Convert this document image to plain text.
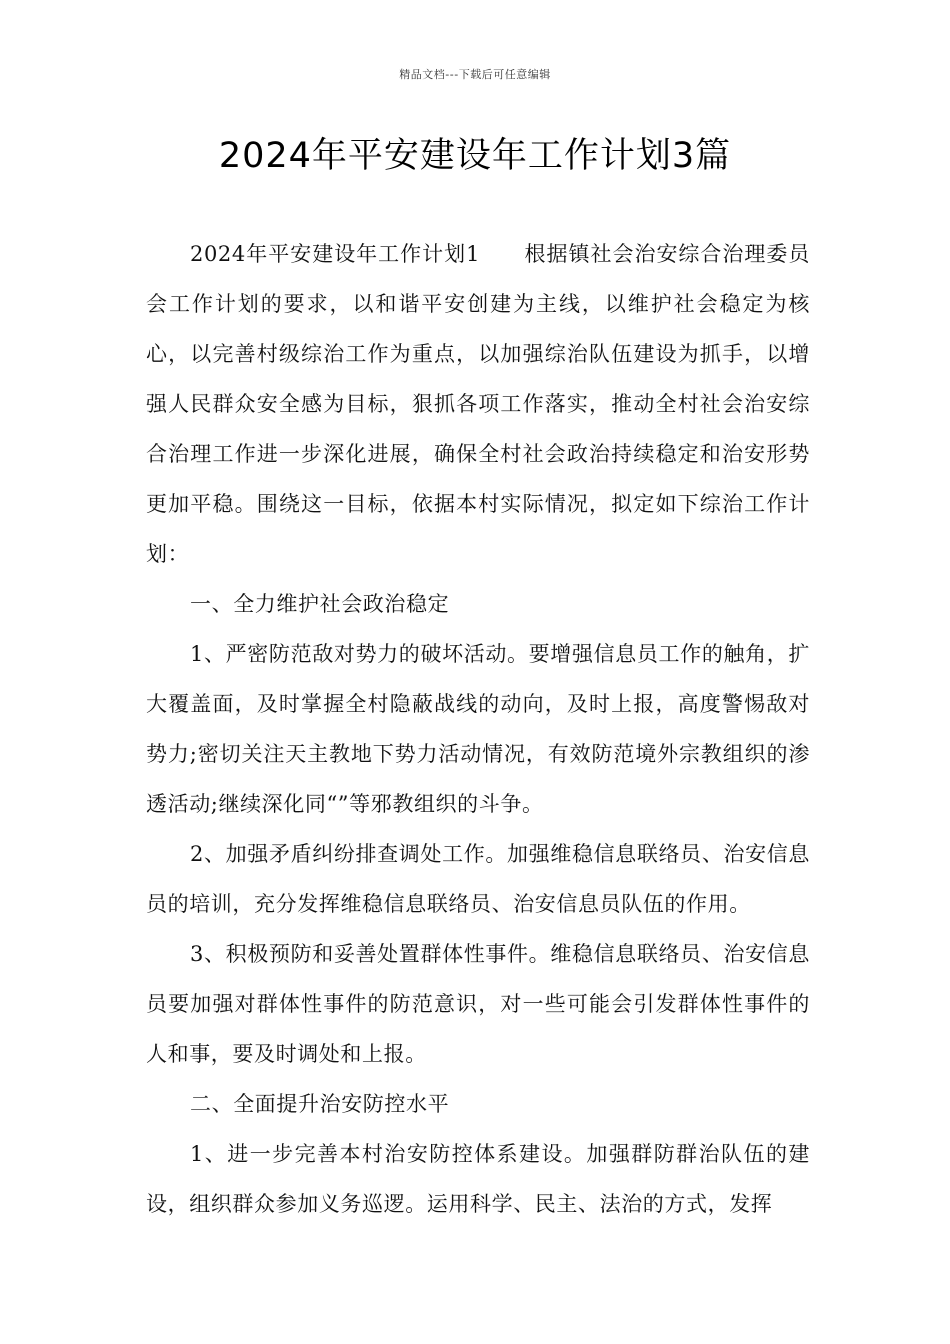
精品文档---下载后可任意编辑
2024年平安建设年工作计划3篇

2024年平安建设年工作计划1 根据镇社会治安综合治理委员会工作计划的要求，以和谐平安创建为主线，以维护社会稳定为核心，以完善村级综治工作为重点，以加强综治队伍建设为抓手，以增强人民群众安全感为目标，狠抓各项工作落实，推动全村社会治安综合治理工作进一步深化进展，确保全村社会政治持续稳定和治安形势更加平稳。围绕这一目标，依据本村实际情况，拟定如下综治工作计划：

一、全力维护社会政治稳定

1、严密防范敌对势力的破坏活动。要增强信息员工作的触角，扩大覆盖面，及时掌握全村隐蔽战线的动向，及时上报，高度警惕敌对势力;密切关注天主教地下势力活动情况，有效防范境外宗教组织的渗透活动;继续深化同“”等邪教组织的斗争。

2、加强矛盾纠纷排查调处工作。加强维稳信息联络员、治安信息员的培训，充分发挥维稳信息联络员、治安信息员队伍的作用。

3、积极预防和妥善处置群体性事件。维稳信息联络员、治安信息员要加强对群体性事件的防范意识，对一些可能会引发群体性事件的人和事，要及时调处和上报。

二、全面提升治安防控水平

1、进一步完善本村治安防控体系建设。加强群防群治队伍的建设，组织群众参加义务巡逻。运用科学、民主、法治的方式，发挥
